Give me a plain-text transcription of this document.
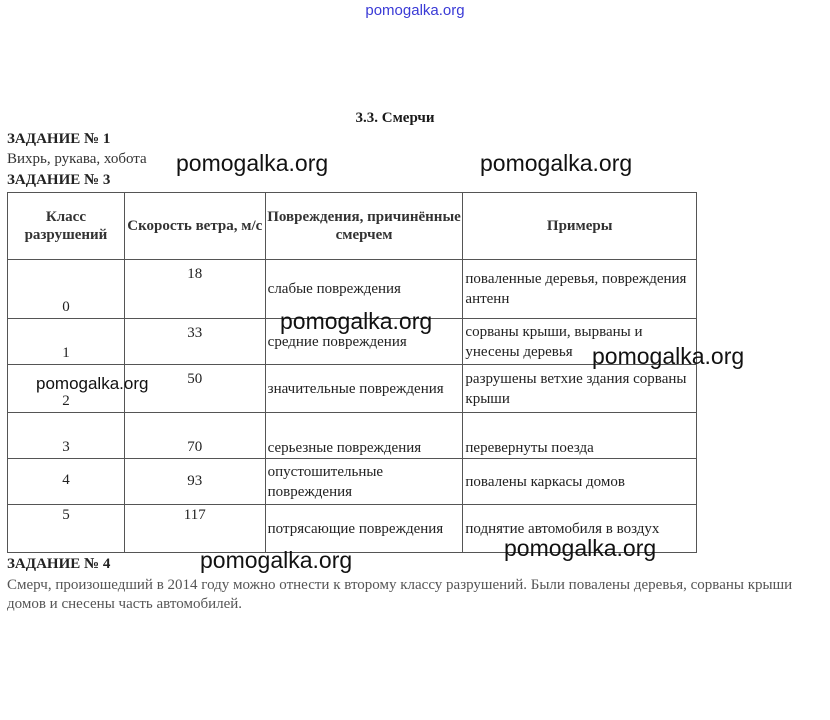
pomogalka.org
3.3. Смерчи
ЗАДАНИЕ № 1
Вихрь, рукава, хобота
ЗАДАНИЕ № 3
Класс разрушений	Скорость ветра, м/с	Повреждения, причинённые смерчем	Примеры
0	18	слабые повреждения	поваленные деревья, повреждения антенн
1	33	средние повреждения	сорваны крыши, вырваны и унесены деревья
2	50	значительные повреждения	разрушены ветхие здания сорваны крыши
3	70	серьезные повреждения	перевернуты поезда
4	93	опустошительные повреждения	повалены каркасы домов
5	117	потрясающие повреждения	поднятие автомобиля в воздух
ЗАДАНИЕ № 4
Смерч, произошедший в 2014 году можно отнести к второму классу разрушений. Были повалены деревья, сорваны крыши домов и снесены часть автомобилей.
pomogalka.org	pomogalka.org
pomogalka.org
pomogalka.org
pomogalka.org
pomogalka.org
pomogalka.org
